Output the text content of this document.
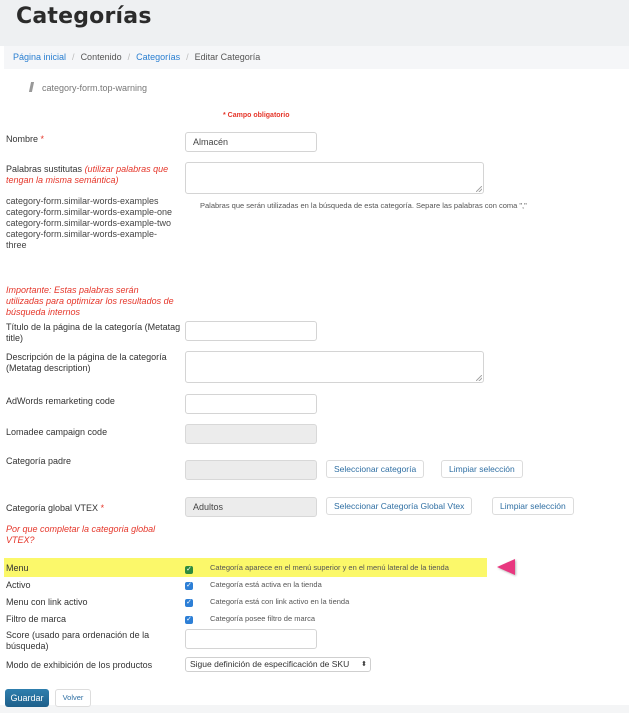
Categorías
Página inicial / Contenido / Categorías / Editar Categoría
category-form.top-warning
* Campo obligatorio
Nombre *	Almacén
Palabras sustitutas (utilizar palabras que tengan la misma semántica)
Palabras que serán utilizadas en la búsqueda de esta categoría. Separe las palabras con coma ","
category-form.similar-words-examples
category-form.similar-words-example-one
category-form.similar-words-example-two
category-form.similar-words-example-three
Importante: Estas palabras serán utilizadas para optimizar los resultados de búsqueda internos
Título de la página de la categoría (Metatag title)
Descripción de la página de la categoría (Metatag description)
AdWords remarketing code
Lomadee campaign code
Categoría padre
Seleccionar categoría	Limpiar selección
Categoría global VTEX *	Adultos	Seleccionar Categoría Global Vtex	Limpiar selección
Por que completar la categoria global VTEX?
Menu	✓ Categoría aparece en el menú superior y en el menú lateral de la tienda
Activo	✓ Categoría está activa en la tienda
Menu con link activo	✓ Categoría está con link activo en la tienda
Filtro de marca	✓ Categoría posee filtro de marca
Score (usado para ordenación de la búsqueda)
Modo de exhibición de los productos	Sigue definición de especificación de SKU ⬍
Guardar	Volver
